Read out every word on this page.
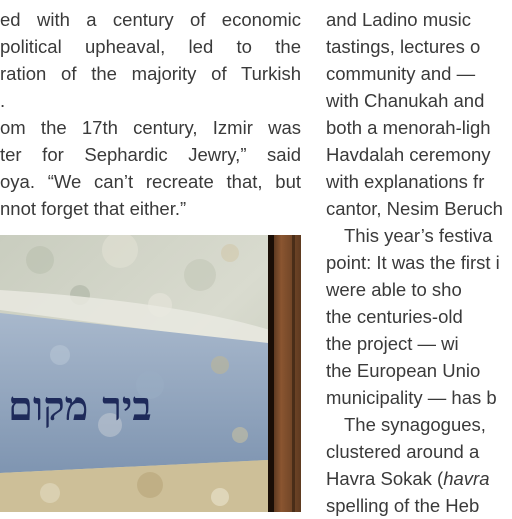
ed with a century of economic
political upheaval, led to the
ration of the majority of Turkish
.
om the 17th century, Izmir was
ter for Sephardic Jewry,” said
oya. “We can’t recreate that, but
nnot forget that either.”
ביר מקום
and Ladino music
tastings, lectures o
community and —
with Chanukah and
both a menorah-ligh
Havdalah ceremony
with explanations fr
cantor, Nesim Beruch
This year’s festiva
point: It was the first i
were able to sho
the centuries-old
the project — wi
the European Unio
municipality — has b
The synagogues,
clustered around a
Havra Sokak (havra
spelling of the Heb
